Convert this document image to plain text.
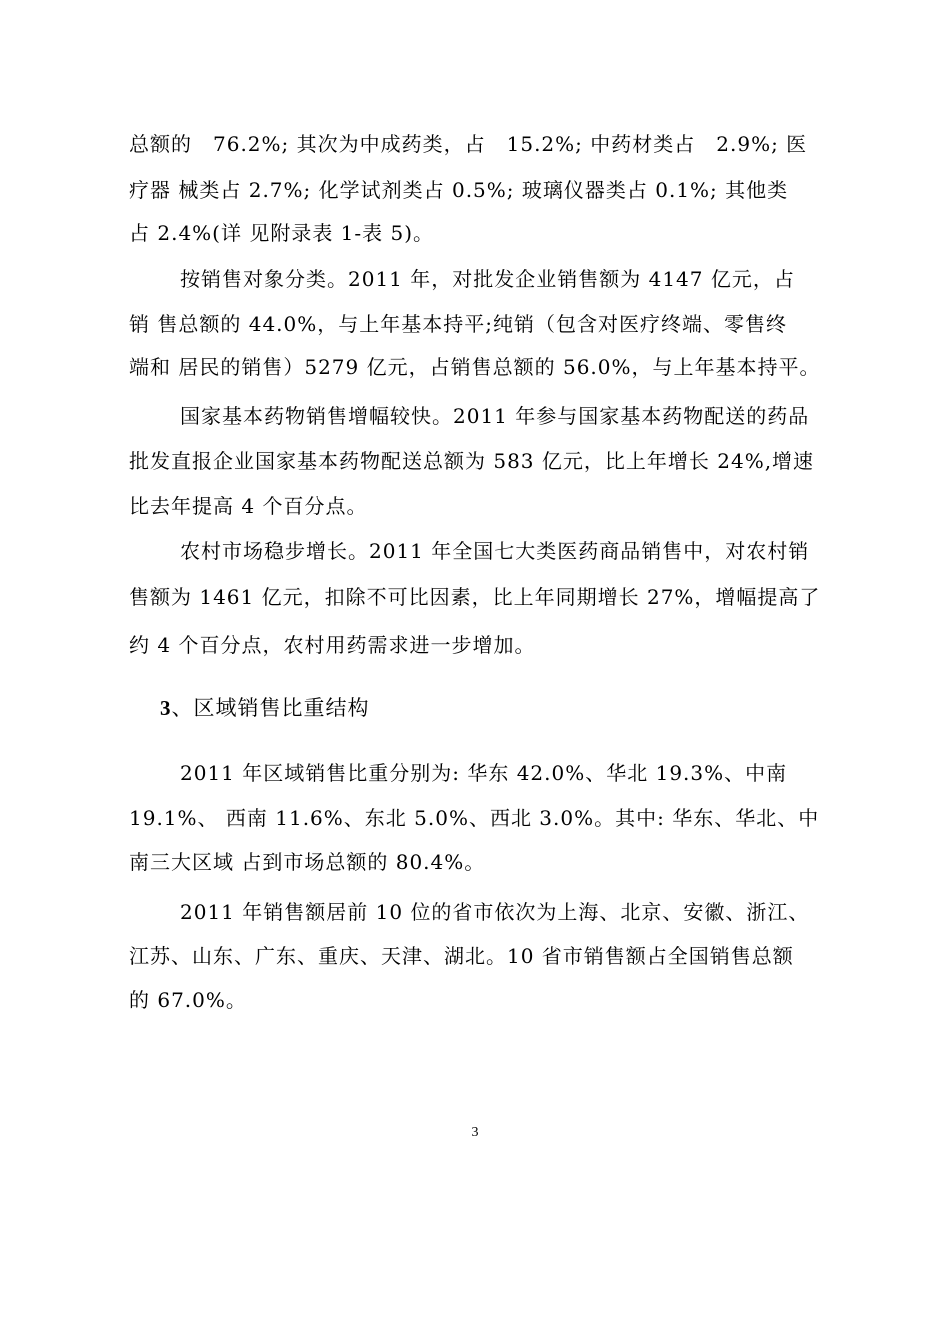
总额的　76.2%; 其次为中成药类，占　15.2%; 中药材类占　2.9%; 医
疗器 械类占 2.7%; 化学试剂类占 0.5%; 玻璃仪器类占 0.1%; 其他类
占 2.4%(详 见附录表 1-表 5)。
按销售对象分类。2011 年，对批发企业销售额为 4147 亿元，占
销 售总额的 44.0%，与上年基本持平;纯销（包含对医疗终端、零售终
端和 居民的销售）5279 亿元，占销售总额的 56.0%，与上年基本持平。
国家基本药物销售增幅较快。2011 年参与国家基本药物配送的药品
批发直报企业国家基本药物配送总额为 583 亿元，比上年增长 24%,增速
比去年提高 4 个百分点。
农村市场稳步增长。2011 年全国七大类医药商品销售中，对农村销
售额为 1461 亿元，扣除不可比因素，比上年同期增长 27%，增幅提高了
约 4 个百分点，农村用药需求进一步增加。
3、区域销售比重结构
2011 年区域销售比重分别为: 华东 42.0%、华北 19.3%、中南
19.1%、 西南 11.6%、东北 5.0%、西北 3.0%。其中: 华东、华北、中
南三大区域 占到市场总额的 80.4%。
2011 年销售额居前 10 位的省市依次为上海、北京、安徽、浙江、
江苏、山东、广东、重庆、天津、湖北。10 省市销售额占全国销售总额
的 67.0%。
3
